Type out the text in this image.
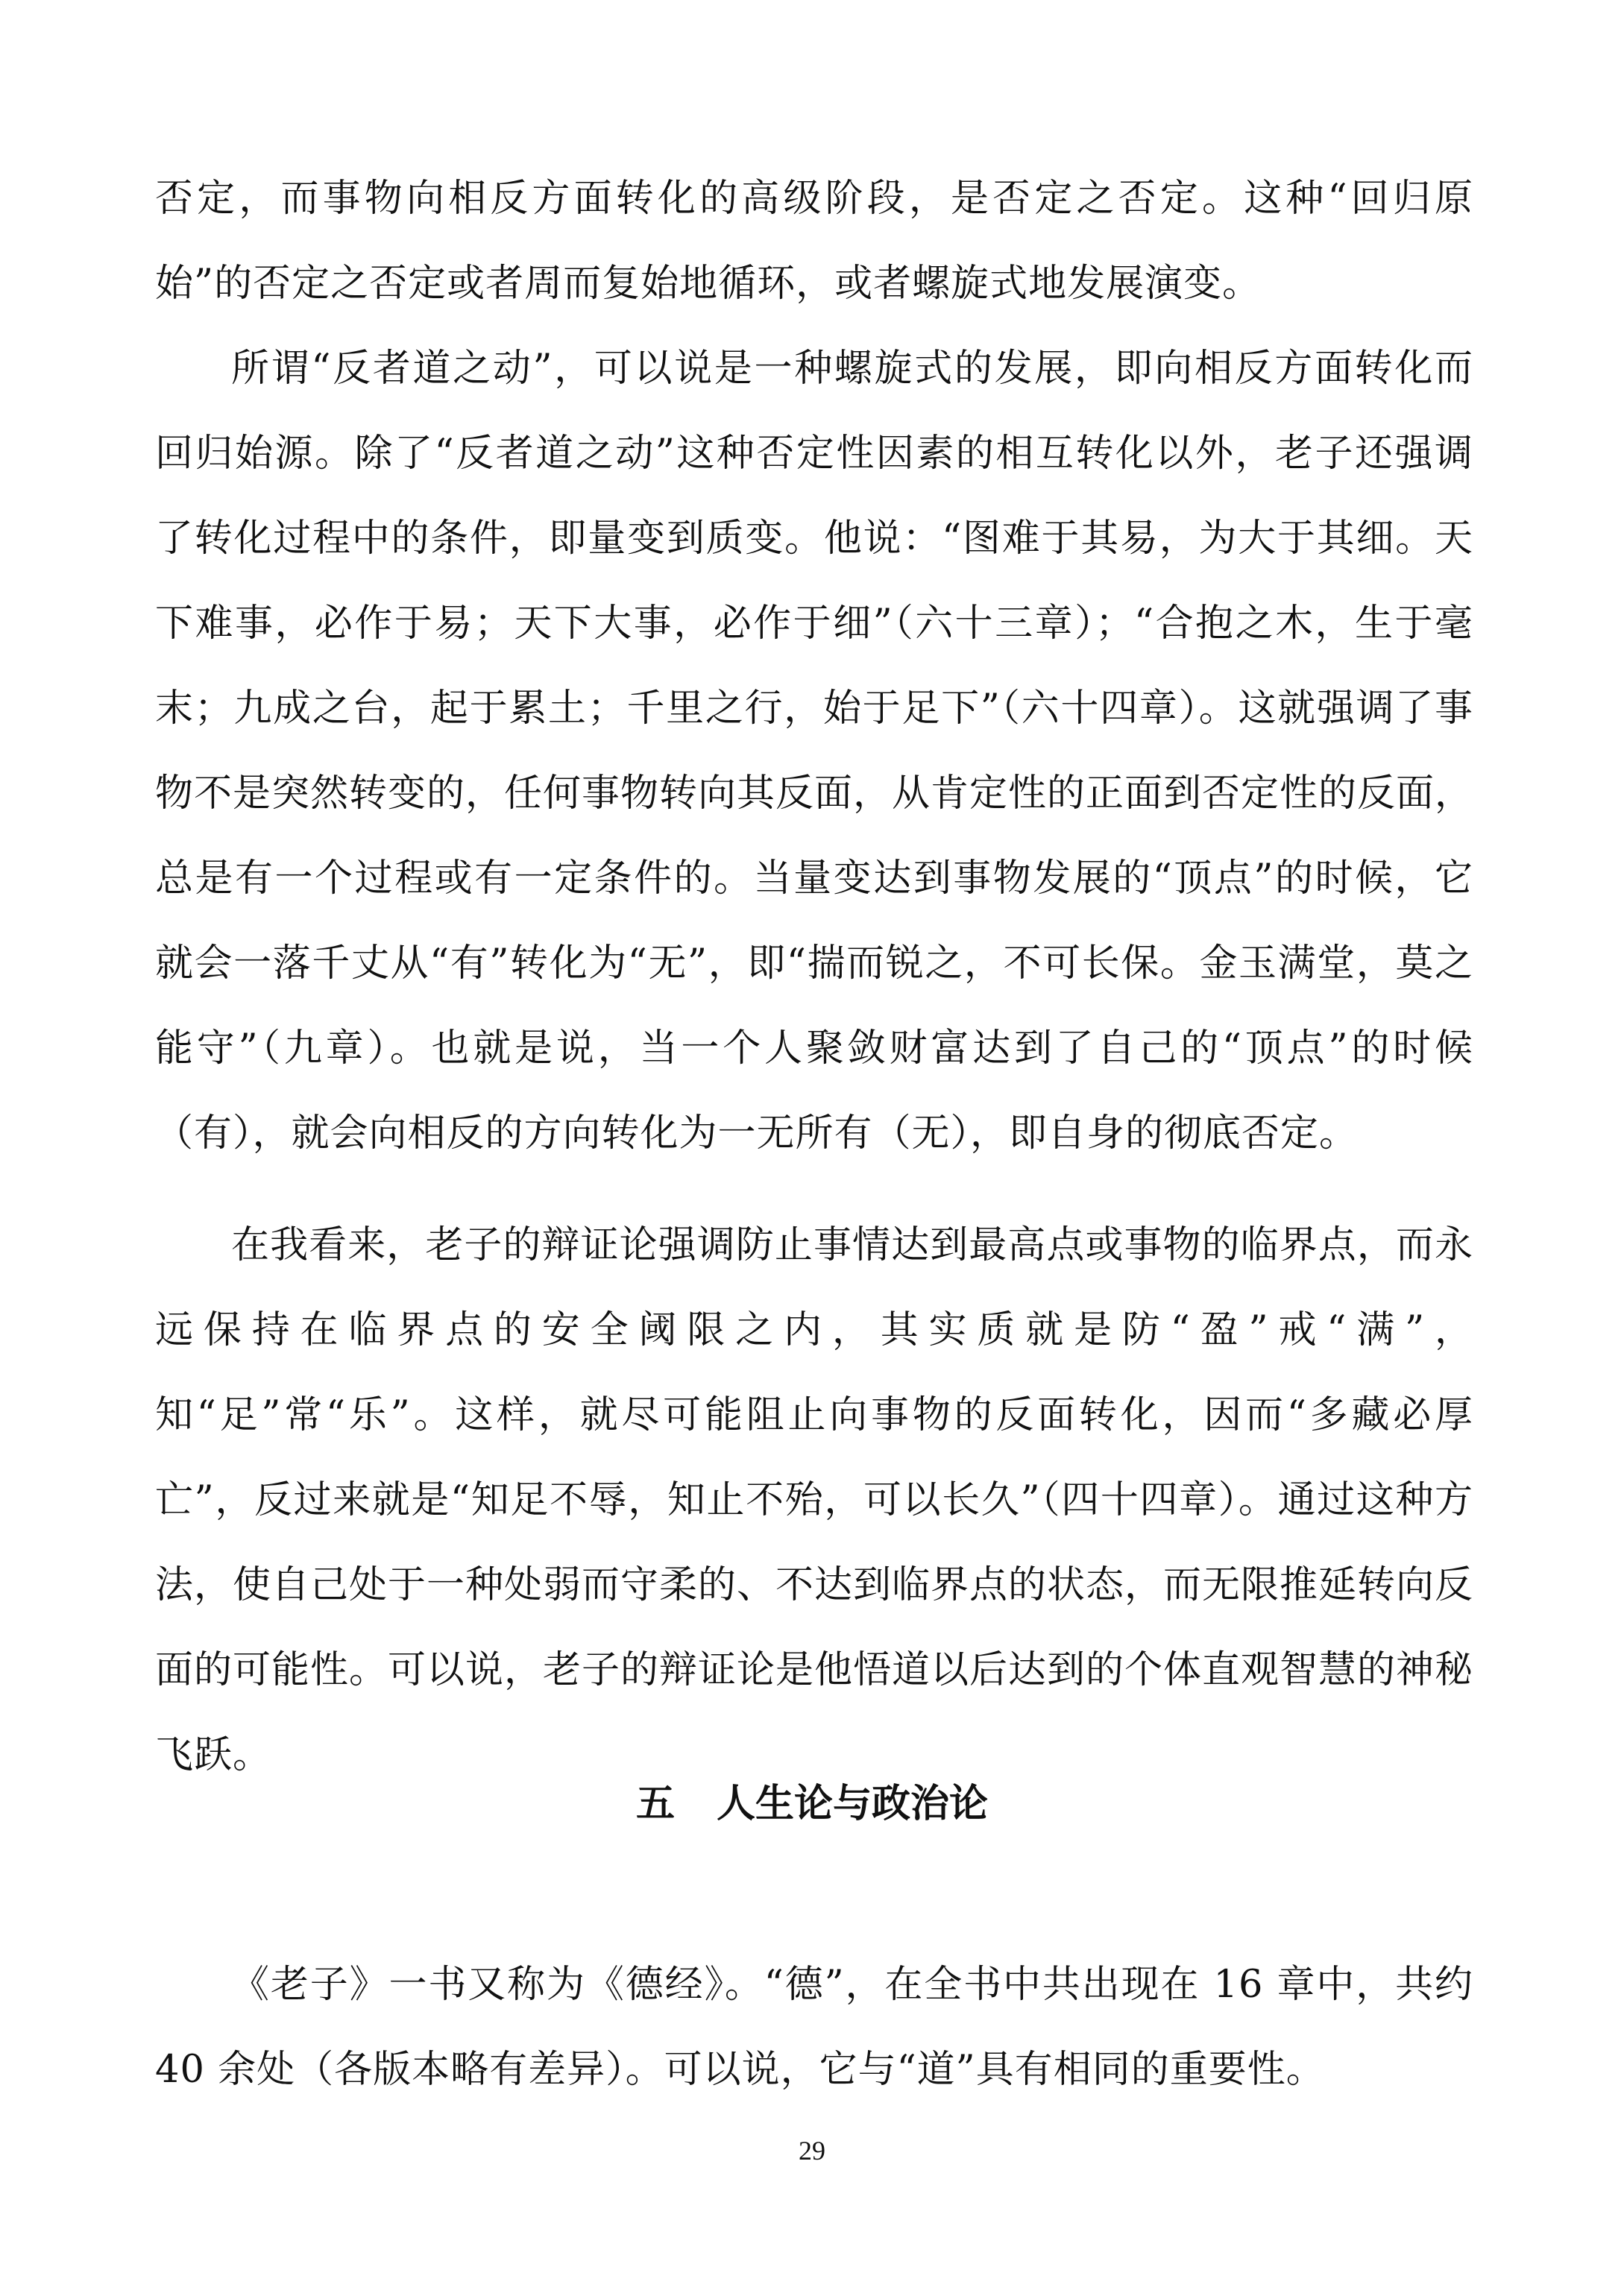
否定，而事物向相反方面转化的高级阶段，是否定之否定。这种“回归原始”的否定之否定或者周而复始地循环，或者螺旋式地发展演变。

所谓“反者道之动”，可以说是一种螺旋式的发展，即向相反方面转化而回归始源。除了“反者道之动”这种否定性因素的相互转化以外，老子还强调了转化过程中的条件，即量变到质变。他说：“图难于其易，为大于其细。天下难事，必作于易；天下大事，必作于细”（六十三章）；“合抱之木，生于毫末；九成之台，起于累土；千里之行，始于足下”（六十四章）。这就强调了事物不是突然转变的，任何事物转向其反面，从肯定性的正面到否定性的反面，总是有一个过程或有一定条件的。当量变达到事物发展的“顶点”的时候，它就会一落千丈从“有”转化为“无”，即“揣而锐之，不可长保。金玉满堂，莫之能守”（九章）。也就是说，当一个人聚敛财富达到了自己的“顶点”的时候（有），就会向相反的方向转化为一无所有（无），即自身的彻底否定。

在我看来，老子的辩证论强调防止事情达到最高点或事物的临界点，而永远保持在临界点的安全阈限之内，其实质就是防“盈”戒“满”，知“足”常“乐”。这样，就尽可能阻止向事物的反面转化，因而“多藏必厚亡”，反过来就是“知足不辱，知止不殆，可以长久”（四十四章）。通过这种方法，使自己处于一种处弱而守柔的、不达到临界点的状态，而无限推延转向反面的可能性。可以说，老子的辩证论是他悟道以后达到的个体直观智慧的神秘飞跃。

五 人生论与政治论

《老子》一书又称为《德经》。“德”，在全书中共出现在 16 章中，共约 40 余处（各版本略有差异）。可以说，它与“道”具有相同的重要性。

29
